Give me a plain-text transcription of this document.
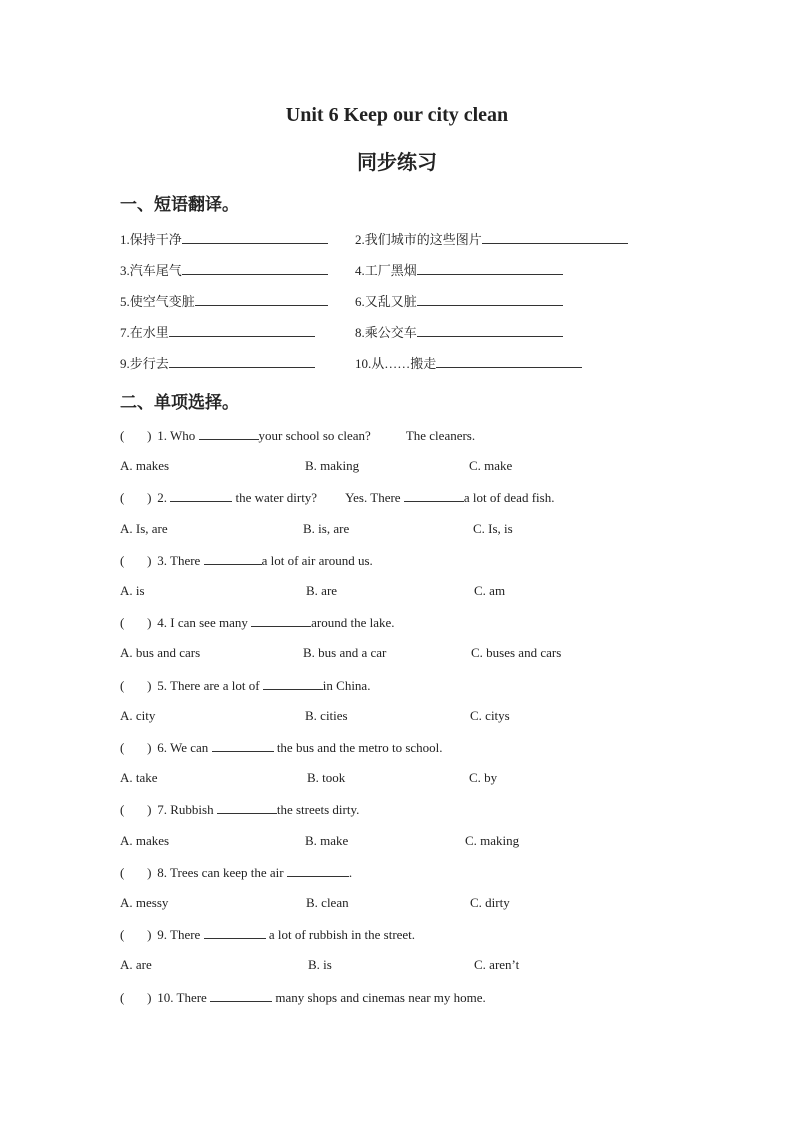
Unit 6 Keep our city clean
同步练习
一、短语翻译。
1.保持干净	2.我们城市的这些图片
3.汽车尾气	4.工厂黑烟
5.使空气变脏	6.又乱又脏
7.在水里	8.乘公交车
9.步行去	10.从……搬走
二、单项选择。
( ) 1. Who	your school so clean?	The cleaners.
A. makes	B. making	C. make
( ) 2.	the water dirty? Yes. There	a lot of dead fish.
A. Is, are	B. is, are	C. Is, is
( ) 3. There	a lot of air around us.
A. is	B. are	C. am
( ) 4. I can see many	around the lake.
A. bus and cars	B. bus and a car	C. buses and cars
( ) 5. There are a lot of	in China.
A. city	B. cities	C. citys
( ) 6. We can	the bus and the metro to school.
A. take	B. took	C. by
( ) 7. Rubbish	the streets dirty.
A. makes	B. make	C. making
( ) 8. Trees can keep the air	.
A. messy	B. clean	C. dirty
( ) 9. There	a lot of rubbish in the street.
A. are	B. is	C. aren’t
( ) 10. There	many shops and cinemas near my home.
